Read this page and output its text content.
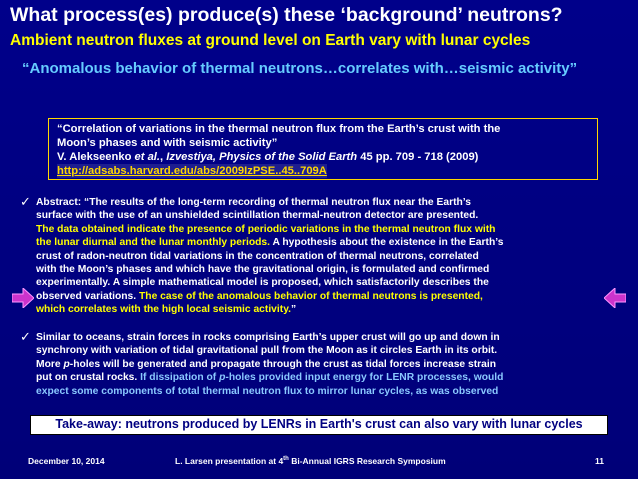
What process(es) produce(s) these ‘background’ neutrons?
Ambient neutron fluxes at ground level on Earth vary with lunar cycles
“Anomalous behavior of thermal neutrons…correlates with…seismic activity”
“Correlation of variations in the thermal neutron flux from the Earth’s crust with the
Moon’s phases and with seismic activity”
V. Alekseenko et al., Izvestiya, Physics of the Solid Earth 45 pp. 709 - 718 (2009)
http://adsabs.harvard.edu/abs/2009IzPSE..45..709A
✓ Abstract: “The results of the long-term recording of thermal neutron flux near the Earth’s
surface with the use of an unshielded scintillation thermal-neutron detector are presented.
The data obtained indicate the presence of periodic variations in the thermal neutron flux with
the lunar diurnal and the lunar monthly periods. A hypothesis about the existence in the Earth’s
crust of radon-neutron tidal variations in the concentration of thermal neutrons, correlated
with the Moon’s phases and which have the gravitational origin, is formulated and confirmed
experimentally. A simple mathematical model is proposed, which satisfactorily describes the
observed variations. The case of the anomalous behavior of thermal neutrons is presented,
which correlates with the high local seismic activity.”
✓ Similar to oceans, strain forces in rocks comprising Earth’s upper crust will go up and down in
synchrony with variation of tidal gravitational pull from the Moon as it circles Earth in its orbit.
More p-holes will be generated and propagate through the crust as tidal forces increase strain
put on crustal rocks. If dissipation of p-holes provided input energy for LENR processes, would
expect some components of total thermal neutron flux to mirror lunar cycles, as was observed
Take-away: neutrons produced by LENRs in Earth's crust can also vary with lunar cycles
December 10, 2014	L. Larsen presentation at 4th Bi-Annual IGRS Research Symposium	11
